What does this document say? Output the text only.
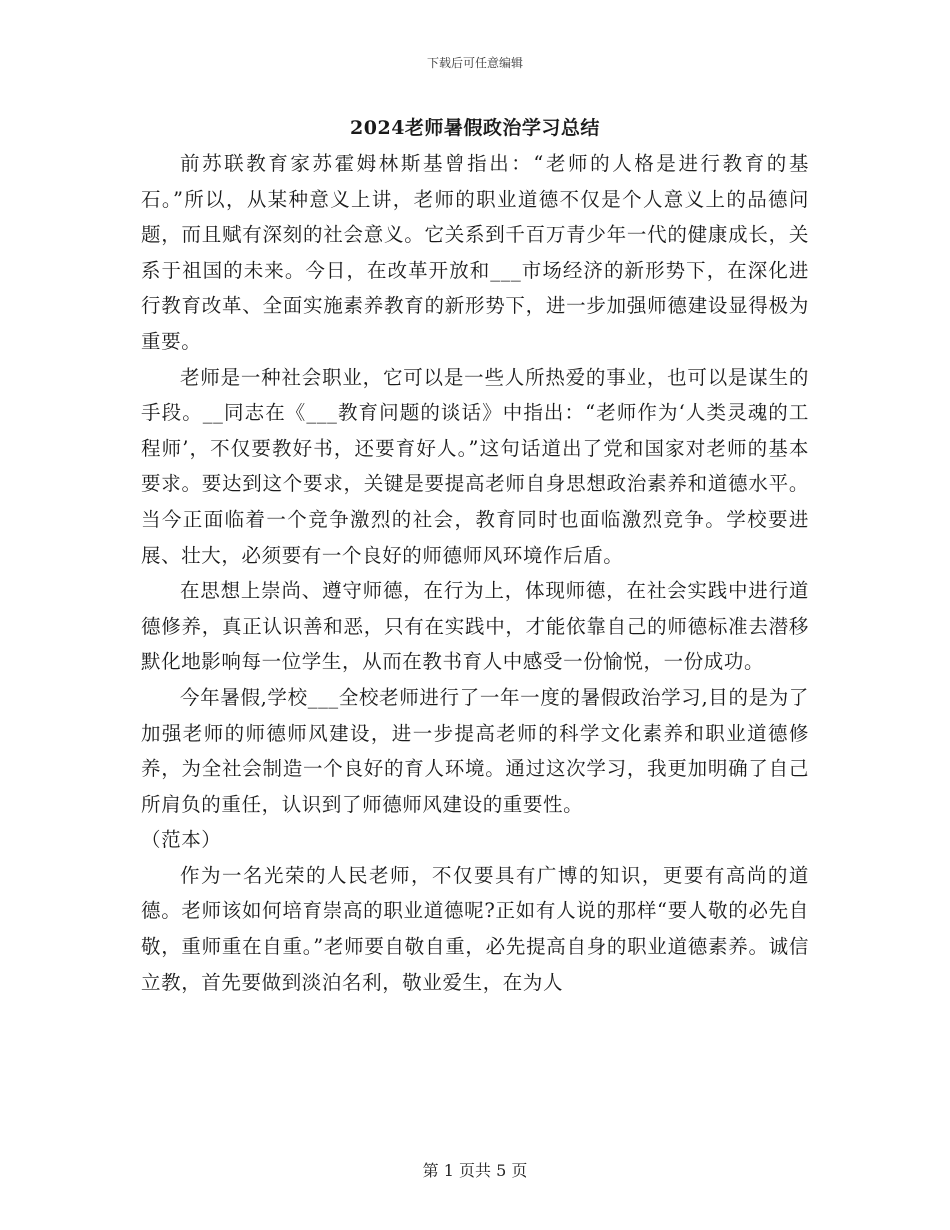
下载后可任意编辑
2024老师暑假政治学习总结

前苏联教育家苏霍姆林斯基曾指出：“老师的人格是进行教育的基石。”所以，从某种意义上讲，老师的职业道德不仅是个人意义上的品德问题，而且赋有深刻的社会意义。它关系到千百万青少年一代的健康成长，关系于祖国的未来。今日，在改革开放和___市场经济的新形势下，在深化进行教育改革、全面实施素养教育的新形势下，进一步加强师德建设显得极为重要。

老师是一种社会职业，它可以是一些人所热爱的事业，也可以是谋生的手段。__同志在《___教育问题的谈话》中指出：“老师作为‘人类灵魂的工程师’，不仅要教好书，还要育好人。”这句话道出了党和国家对老师的基本要求。要达到这个要求，关键是要提高老师自身思想政治素养和道德水平。当今正面临着一个竞争激烈的社会，教育同时也面临激烈竞争。学校要进展、壮大，必须要有一个良好的师德师风环境作后盾。

在思想上崇尚、遵守师德，在行为上，体现师德，在社会实践中进行道德修养，真正认识善和恶，只有在实践中，才能依靠自己的师德标准去潜移默化地影响每一位学生，从而在教书育人中感受一份愉悦，一份成功。

今年暑假,学校___全校老师进行了一年一度的暑假政治学习,目的是为了加强老师的师德师风建设，进一步提高老师的科学文化素养和职业道德修养，为全社会制造一个良好的育人环境。通过这次学习，我更加明确了自己所肩负的重任，认识到了师德师风建设的重要性。

（范本）

作为一名光荣的人民老师，不仅要具有广博的知识，更要有高尚的道德。老师该如何培育崇高的职业道德呢?正如有人说的那样“要人敬的必先自敬，重师重在自重。”老师要自敬自重，必先提高自身的职业道德素养。诚信立教，首先要做到淡泊名利，敬业爱生，在为人

第 1 页共 5 页
